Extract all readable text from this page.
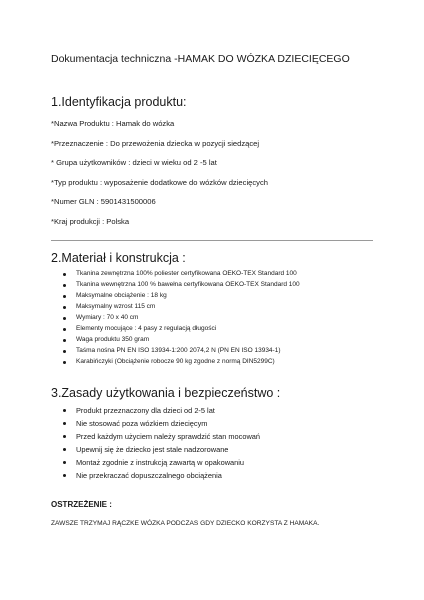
Dokumentacja techniczna -HAMAK DO WÓZKA DZIECIĘCEGO
1.Identyfikacja produktu:
*Nazwa Produktu : Hamak do wózka
*Przeznaczenie : Do przewożenia dziecka w pozycji siedzącej
* Grupa użytkowników : dzieci w wieku od 2 -5 lat
*Typ produktu : wyposażenie dodatkowe do wózków dziecięcych
*Numer GLN : 5901431500006
*Kraj produkcji : Polska
2.Materiał i konstrukcja :
Tkanina zewnętrzna 100% poliester certyfikowana OEKO-TEX Standard 100
Tkanina wewnętrzna 100 % bawełna certyfikowana OEKO-TEX Standard 100
Maksymalne obciążenie : 18 kg
Maksymalny wzrost 115 cm
Wymiary : 70 x 40 cm
Elementy mocujące : 4 pasy z regulacją długości
Waga produktu 350 gram
Taśma nośna PN EN ISO 13934-1:200 2074,2 N (PN EN ISO 13934-1)
Karabińczyki (Obciążenie robocze 90 kg zgodne z normą DIN5299C)
3.Zasady użytkowania i bezpieczeństwo :
Produkt przeznaczony dla dzieci od 2-5 lat
Nie stosować poza wózkiem dziecięcym
Przed każdym użyciem należy sprawdzić stan mocowań
Upewnij się że dziecko jest stale nadzorowane
Montaż zgodnie z instrukcją zawartą w opakowaniu
Nie przekraczać dopuszczalnego obciążenia
OSTRZEŻENIE :

ZAWSZE TRZYMAJ RĄCZKE WÓZKA PODCZAS GDY DZIECKO KORZYSTA Z HAMAKA.
